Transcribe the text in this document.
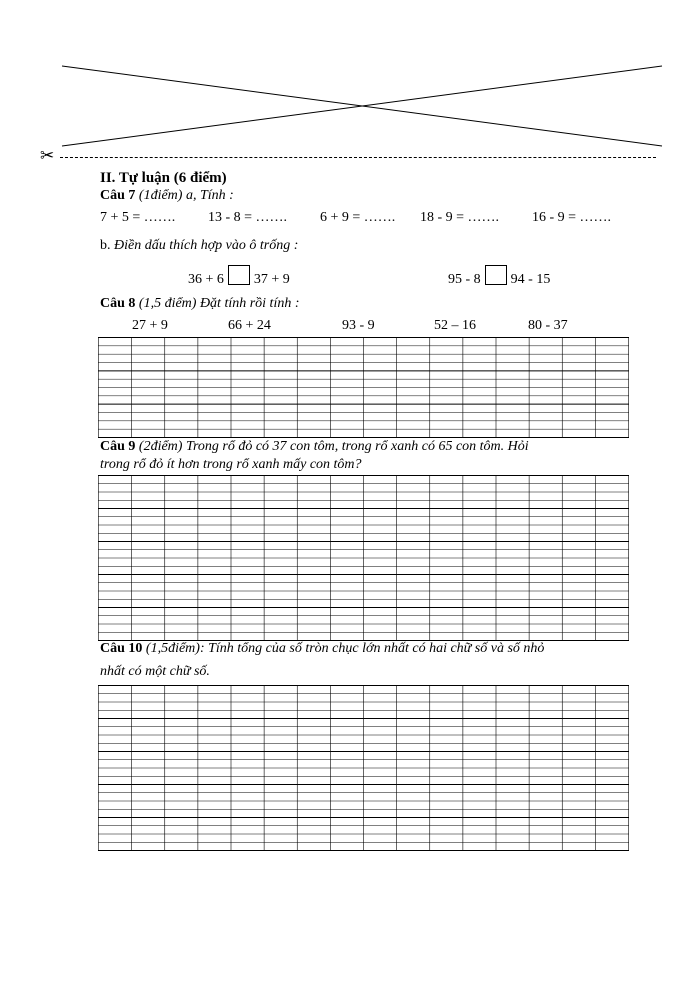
✂
II. Tự luận (6 điểm)
Câu 7 (1điểm) a, Tính :
7 + 5 = ……. 13 - 8 = ……. 6 + 9 = ……. 18 - 9 = ……. 16 - 9 = …….
b. Điền dấu thích hợp vào ô trống :
36 + 6 37 + 9	95 - 8 94 - 15
Câu 8 (1,5 điểm) Đặt tính rồi tính :
27 + 9	66 + 24	93 - 9	52 – 16	80 - 37
Câu 9 (2điểm) Trong rổ đỏ có 37 con tôm, trong rổ xanh có 65 con tôm. Hỏi
trong rổ đỏ ít hơn trong rổ xanh mấy con tôm?
Câu 10 (1,5điểm): Tính tổng của số tròn chục lớn nhất có hai chữ số và số nhỏ
nhất có một chữ số.
